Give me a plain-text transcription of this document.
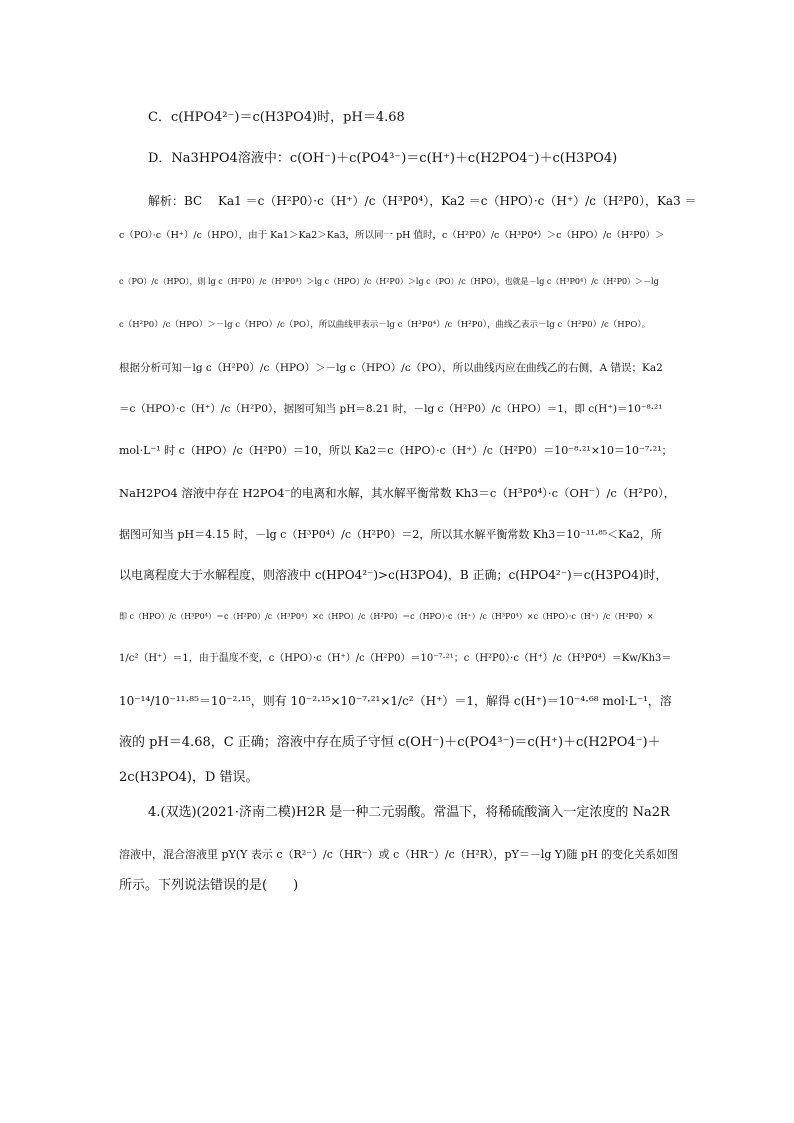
C．c(HPO4²⁻)＝c(H3PO4)时，pH＝4.68
D．Na3HPO4溶液中：c(OH⁻)＋c(PO4³⁻)＝c(H⁺)＋c(H2PO4⁻)＋c(H3PO4)
解析：BC　 Ka1 ＝c（H²P0）·c（H⁺）/c（H³P0⁴），Ka2 ＝c（HPO）·c（H⁺）/c（H²P0），Ka3 ＝
c（PO）·c（H⁺）/c（HPO），由于 Ka1＞Ka2＞Ka3，所以同一 pH 值时，c（H²P0）/c（H³P0⁴）＞c（HPO）/c（H²P0）＞
c（PO）/c（HPO），则 lg c（H²P0）/c（H³P0⁴）＞lg c（HPO）/c（H²P0）＞lg c（PO）/c（HPO），也就是－lg c（H³P0⁴）/c（H²P0）＞－lg
c（H²P0）/c（HPO）＞－lg c（HPO）/c（PO），所以曲线甲表示－lg c（H³P0⁴）/c（H²P0），曲线乙表示－lg c（H²P0）/c（HPO）。
根据分析可知－lg c（H²P0）/c（HPO）＞－lg c（HPO）/c（PO），所以曲线丙应在曲线乙的右侧，A 错误；Ka2
＝c（HPO）·c（H⁺）/c（H²P0），据图可知当 pH＝8.21 时，－lg c（H²P0）/c（HPO）＝1，即 c(H⁺)＝10⁻⁸·²¹
mol·L⁻¹ 时 c（HPO）/c（H²P0）＝10，所以 Ka2＝c（HPO）·c（H⁺）/c（H²P0）＝10⁻⁸·²¹×10＝10⁻⁷·²¹；
NaH2PO4 溶液中存在 H2PO4⁻的电离和水解，其水解平衡常数 Kh3＝c（H³P0⁴）·c（OH⁻）/c（H²P0），
据图可知当 pH＝4.15 时，－lg c（H³P0⁴）/c（H²P0）＝2，所以其水解平衡常数 Kh3＝10⁻¹¹·⁸⁵＜Ka2，所
以电离程度大于水解程度，则溶液中 c(HPO4²⁻)>c(H3PO4)，B 正确；c(HPO4²⁻)＝c(H3PO4)时，
即 c（HPO）/c（H³P0⁴）＝c（H²P0）/c（H³P0⁴）×c（HPO）/c（H²P0）＝c（HPO）·c（H⁺）/c（H³P0⁴）×c（HPO）·c（H⁺）/c（H²P0）×
1/c²（H⁺）＝1，由于温度不变，c（HPO）·c（H⁺）/c（H²P0）＝10⁻⁷·²¹；c（H²P0）·c（H⁺）/c（H³P0⁴）＝Kw/Kh3＝
10⁻¹⁴/10⁻¹¹·⁸⁵＝10⁻²·¹⁵，则有 10⁻²·¹⁵×10⁻⁷·²¹×1/c²（H⁺）＝1，解得 c(H⁺)＝10⁻⁴·⁶⁸ mol·L⁻¹，溶
液的 pH＝4.68，C 正确；溶液中存在质子守恒 c(OH⁻)＋c(PO4³⁻)＝c(H⁺)＋c(H2PO4⁻)＋
2c(H3PO4)，D 错误。
4.(双选)(2021·济南二模)H2R 是一种二元弱酸。常温下，将稀硫酸滴入一定浓度的 Na2R
溶液中，混合溶液里 pY(Y 表示 c（R²⁻）/c（HR⁻）或 c（HR⁻）/c（H²R），pY＝－lg Y)随 pH 的变化关系如图
所示。下列说法错误的是(　　)
